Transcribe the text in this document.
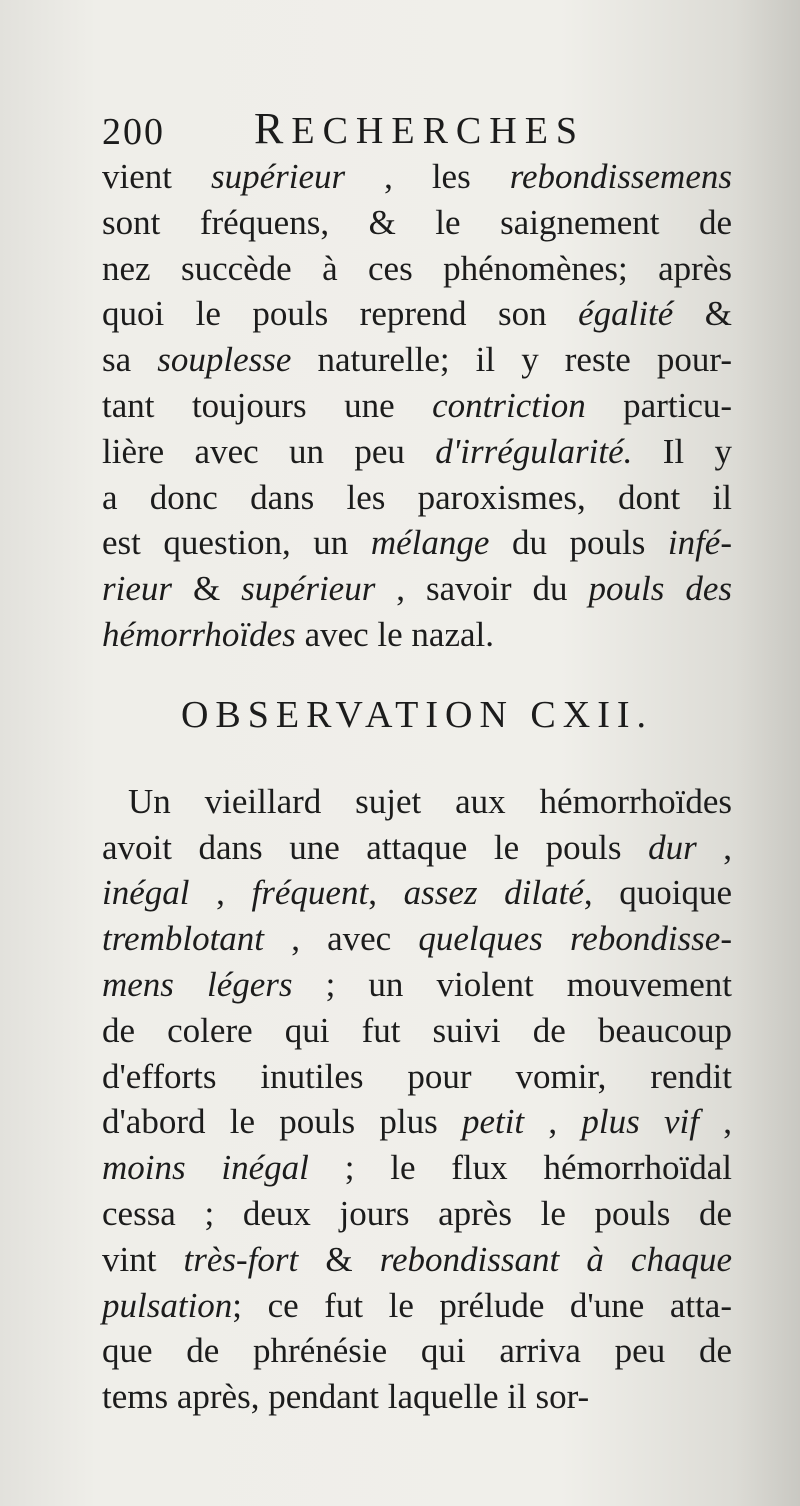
200	RECHERCHES
vient supérieur , les rebondissemens
sont fréquens, & le saignement de
nez succède à ces phénomènes; après
quoi le pouls reprend son égalité &
sa souplesse naturelle; il y reste pour-
tant toujours une contriction particu-
lière avec un peu d'irrégularité. Il y
a donc dans les paroxismes, dont il
est question, un mélange du pouls infé-
rieur & supérieur , savoir du pouls des
hémorrhoïdes avec le nazal.
OBSERVATION CXII.
Un vieillard sujet aux hémorrhoïdes
avoit dans une attaque le pouls dur ,
inégal , fréquent, assez dilaté, quoique
tremblotant , avec quelques rebondisse-
mens légers ; un violent mouvement
de colere qui fut suivi de beaucoup
d'efforts inutiles pour vomir, rendit
d'abord le pouls plus petit , plus vif ,
moins inégal ; le flux hémorrhoïdal
cessa ; deux jours après le pouls de
vint très-fort & rebondissant à chaque
pulsation; ce fut le prélude d'une atta-
que de phrénésie qui arriva peu de
tems après, pendant laquelle il sor-
